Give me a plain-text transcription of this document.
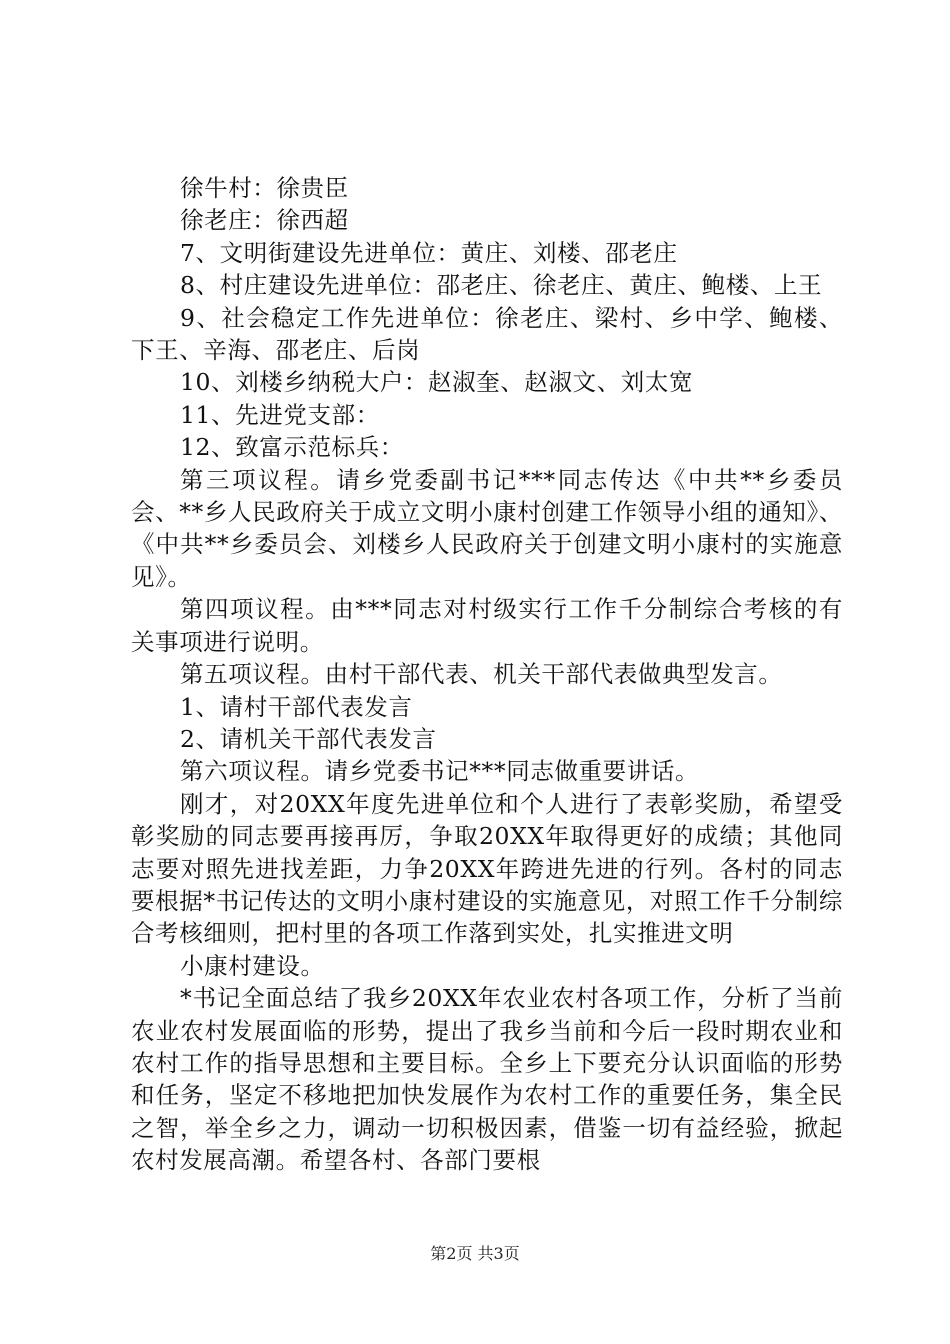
徐牛村：徐贵臣

徐老庄：徐西超

7、文明街建设先进单位：黄庄、刘楼、邵老庄

8、村庄建设先进单位：邵老庄、徐老庄、黄庄、鲍楼、上王

9、社会稳定工作先进单位：徐老庄、梁村、乡中学、鲍楼、下王、辛海、邵老庄、后岗

10、刘楼乡纳税大户：赵淑奎、赵淑文、刘太宽

11、先进党支部：

12、致富示范标兵：

第三项议程。请乡党委副书记***同志传达《中共**乡委员会、**乡人民政府关于成立文明小康村创建工作领导小组的通知》、《中共**乡委员会、刘楼乡人民政府关于创建文明小康村的实施意见》。

第四项议程。由***同志对村级实行工作千分制综合考核的有关事项进行说明。

第五项议程。由村干部代表、机关干部代表做典型发言。

1、请村干部代表发言

2、请机关干部代表发言

第六项议程。请乡党委书记***同志做重要讲话。

刚才，对20XX年度先进单位和个人进行了表彰奖励，希望受彰奖励的同志要再接再厉，争取20XX年取得更好的成绩；其他同志要对照先进找差距，力争20XX年跨进先进的行列。各村的同志要根据*书记传达的文明小康村建设的实施意见，对照工作千分制综合考核细则，把村里的各项工作落到实处，扎实推进文明

小康村建设。

*书记全面总结了我乡20XX年农业农村各项工作，分析了当前农业农村发展面临的形势，提出了我乡当前和今后一段时期农业和农村工作的指导思想和主要目标。全乡上下要充分认识面临的形势和任务，坚定不移地把加快发展作为农村工作的重要任务，集全民之智，举全乡之力，调动一切积极因素，借鉴一切有益经验，掀起农村发展高潮。希望各村、各部门要根

第2页 共3页
